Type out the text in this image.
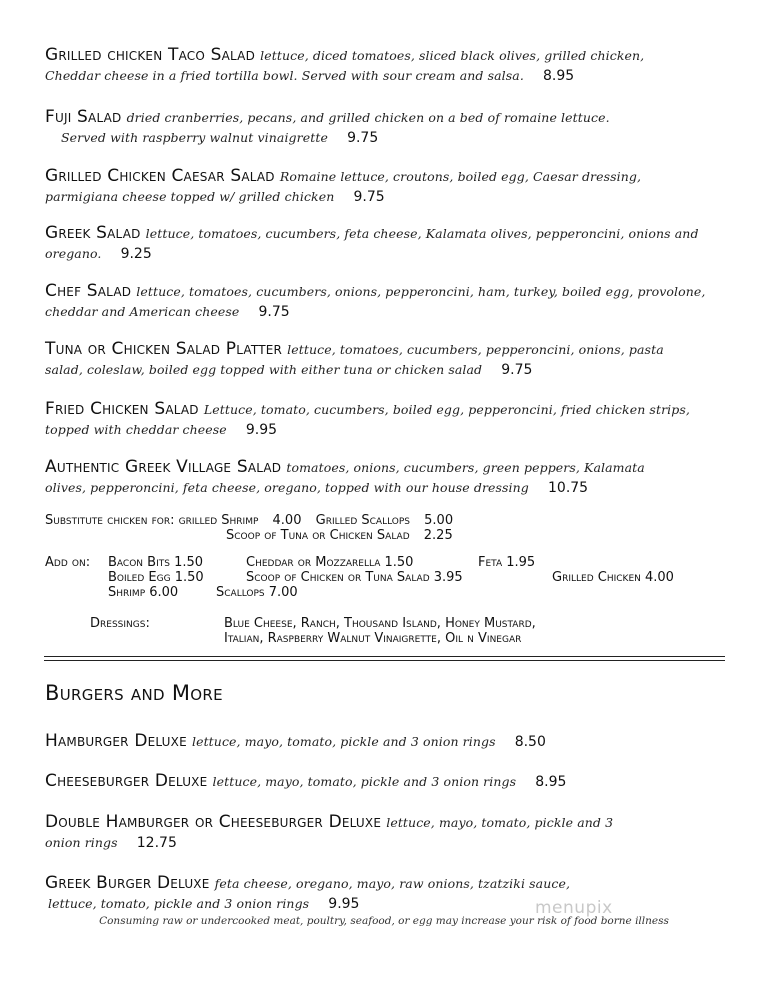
Grilled chicken Taco Salad lettuce, diced tomatoes, sliced black olives, grilled chicken,
Cheddar cheese in a fried tortilla bowl. Served with sour cream and salsa. 8.95
Fuji Salad dried cranberries, pecans, and grilled chicken on a bed of romaine lettuce.
Served with raspberry walnut vinaigrette 9.75
Grilled Chicken Caesar Salad Romaine lettuce, croutons, boiled egg, Caesar dressing,
parmigiana cheese topped w/ grilled chicken 9.75
Greek Salad lettuce, tomatoes, cucumbers, feta cheese, Kalamata olives, pepperoncini, onions and
oregano. 9.25
Chef Salad lettuce, tomatoes, cucumbers, onions, pepperoncini, ham, turkey, boiled egg, provolone,
cheddar and American cheese 9.75
Tuna or Chicken Salad Platter lettuce, tomatoes, cucumbers, pepperoncini, onions, pasta
salad, coleslaw, boiled egg topped with either tuna or chicken salad 9.75
Fried Chicken Salad Lettuce, tomato, cucumbers, boiled egg, pepperoncini, fried chicken strips,
topped with cheddar cheese 9.95
Authentic Greek Village Salad tomatoes, onions, cucumbers, green peppers, Kalamata
olives, pepperoncini, feta cheese, oregano, topped with our house dressing 10.75
Substitute chicken for: grilled Shrimp 4.00 Grilled Scallops 5.00
Scoop of Tuna or Chicken Salad 2.25
Add on: Bacon Bits 1.50	Cheddar or Mozzarella 1.50	Feta 1.95
Boiled Egg 1.50	Scoop of Chicken or Tuna Salad 3.95	Grilled Chicken 4.00
Shrimp 6.00	Scallops 7.00
Dressings:	Blue Cheese, Ranch, Thousand Island, Honey Mustard,
Italian, Raspberry Walnut Vinaigrette, Oil n Vinegar
Burgers and More
Hamburger Deluxe lettuce, mayo, tomato, pickle and 3 onion rings 8.50
Cheeseburger Deluxe lettuce, mayo, tomato, pickle and 3 onion rings 8.95
Double Hamburger or Cheeseburger Deluxe lettuce, mayo, tomato, pickle and 3
onion rings 12.75
Greek Burger Deluxe feta cheese, oregano, mayo, raw onions, tzatziki sauce,
lettuce, tomato, pickle and 3 onion rings 9.95	menupix
Consuming raw or undercooked meat, poultry, seafood, or egg may increase your risk of food borne illness
